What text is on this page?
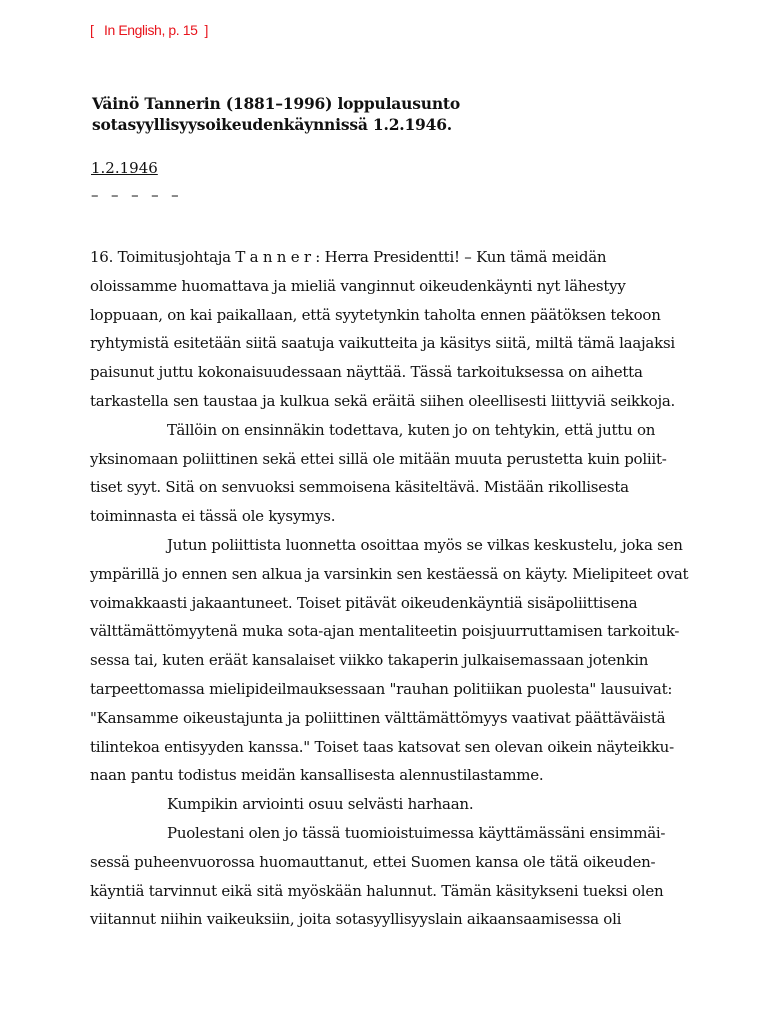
[   In English, p. 15  ]
Väinö Tannerin (1881–1996) loppulausunto
sotasyyllisyysoikeudenkäynnissä 1.2.1946.
1.2.1946
–  –  –  –  –
16. Toimitusjohtaja T a n n e r : Herra Presidentti! – Kun tämä meidän
oloissamme huomattava ja mieliä vanginnut oikeudenkäynti nyt lähestyy
loppuaan, on kai paikallaan, että syytetynkin taholta ennen päätöksen tekoon
ryhtymistä esitetään siitä saatuja vaikutteita ja käsitys siitä, miltä tämä laajaksi
paisunut juttu kokonaisuudessaan näyttää. Tässä tarkoituksessa on aihetta
tarkastella sen taustaa ja kulkua sekä eräitä siihen oleellisesti liittyviä seikkoja.
Tällöin on ensinnäkin todettava, kuten jo on tehtykin, että juttu on
yksinomaan poliittinen sekä ettei sillä ole mitään muuta perustetta kuin poliit-
tiset syyt. Sitä on senvuoksi semmoisena käsiteltävä. Mistään rikollisesta
toiminnasta ei tässä ole kysymys.
Jutun poliittista luonnetta osoittaa myös se vilkas keskustelu, joka sen
ympärillä jo ennen sen alkua ja varsinkin sen kestäessä on käyty. Mielipiteet ovat
voimakkaasti jakaantuneet. Toiset pitävät oikeudenkäyntiä sisäpoliittisena
välttämättömyytenä muka sota-ajan mentaliteetin poisjuurruttamisen tarkoituk-
sessa tai, kuten eräät kansalaiset viikko takaperin julkaisemassaan jotenkin
tarpeettomassa mielipideilmauksessaan "rauhan politiikan puolesta" lausuivat:
"Kansamme oikeustajunta ja poliittinen välttämättömyys vaativat päättäväistä
tilintekoa entisyyden kanssa." Toiset taas katsovat sen olevan oikein näyteikku-
naan pantu todistus meidän kansallisesta alennustilastamme.
Kumpikin arviointi osuu selvästi harhaan.
Puolestani olen jo tässä tuomioistuimessa käyttämässäni ensimmäi-
sessä puheenvuorossa huomauttanut, ettei Suomen kansa ole tätä oikeuden-
käyntiä tarvinnut eikä sitä myöskään halunnut. Tämän käsitykseni tueksi olen
viitannut niihin vaikeuksiin, joita sotasyyllisyyslain aikaansaamisessa oli
